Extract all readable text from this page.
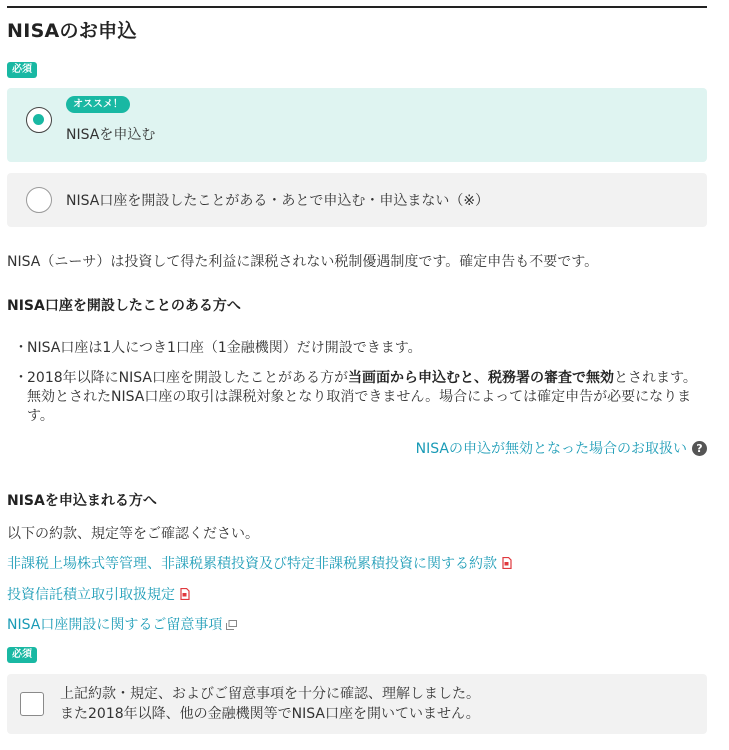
NISAのお申込
必須
オススメ！
NISAを申込む
NISA口座を開設したことがある・あとで申込む・申込まない（※）
NISA（ニーサ）は投資して得た利益に課税されない税制優遇制度です。確定申告も不要です。
NISA口座を開設したことのある方へ
・ NISA口座は1人につき1口座（1金融機関）だけ開設できます。
・ 2018年以降にNISA口座を開設したことがある方が当画面から申込むと、税務署の審査で無効とされます。無効とされたNISA口座の取引は課税対象となり取消できません。場合によっては確定申告が必要になります。
NISAの申込が無効となった場合のお取扱い ?
NISAを申込まれる方へ
以下の約款、規定等をご確認ください。
非課税上場株式等管理、非課税累積投資及び特定非課税累積投資に関する約款
投資信託積立取引取扱規定
NISA口座開設に関するご留意事項
必須
上記約款・規定、およびご留意事項を十分に確認、理解しました。
また2018年以降、他の金融機関等でNISA口座を開いていません。
